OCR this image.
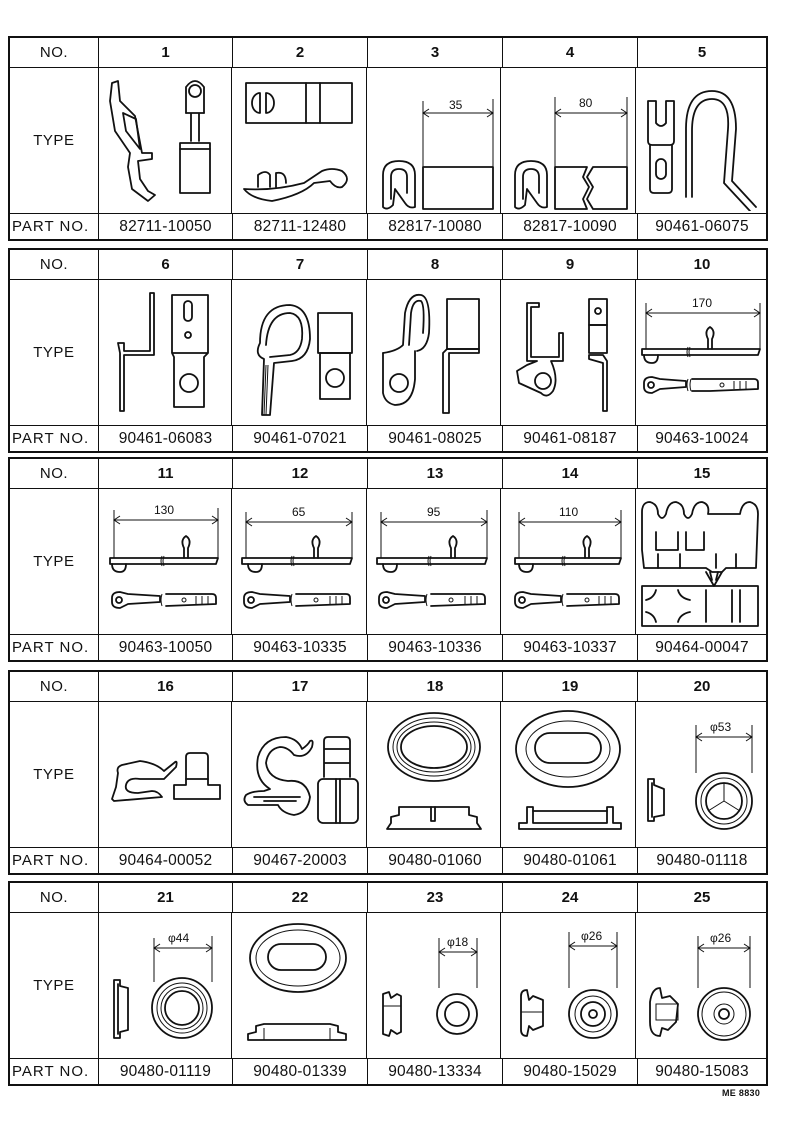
NO.	1	2	3	4	5
TYPE
35	80
PART NO.	82711-10050	82711-12480	82817-10080	82817-10090	90461-06075
NO.	6	7	8	9	10
TYPE
170
PART NO.	90461-06083	90461-07021	90461-08025	90461-08187	90463-10024
NO.	11	12	13	14	15
TYPE
130	65	95	110
PART NO.	90463-10050	90463-10335	90463-10336	90463-10337	90464-00047
NO.	16	17	18	19	20
TYPE
φ53
PART NO.	90464-00052	90467-20003	90480-01060	90480-01061	90480-01118
NO.	21	22	23	24	25
TYPE
φ44	φ18	φ26	φ26
PART NO.	90480-01119	90480-01339	90480-13334	90480-15029	90480-15083
ME 8830
